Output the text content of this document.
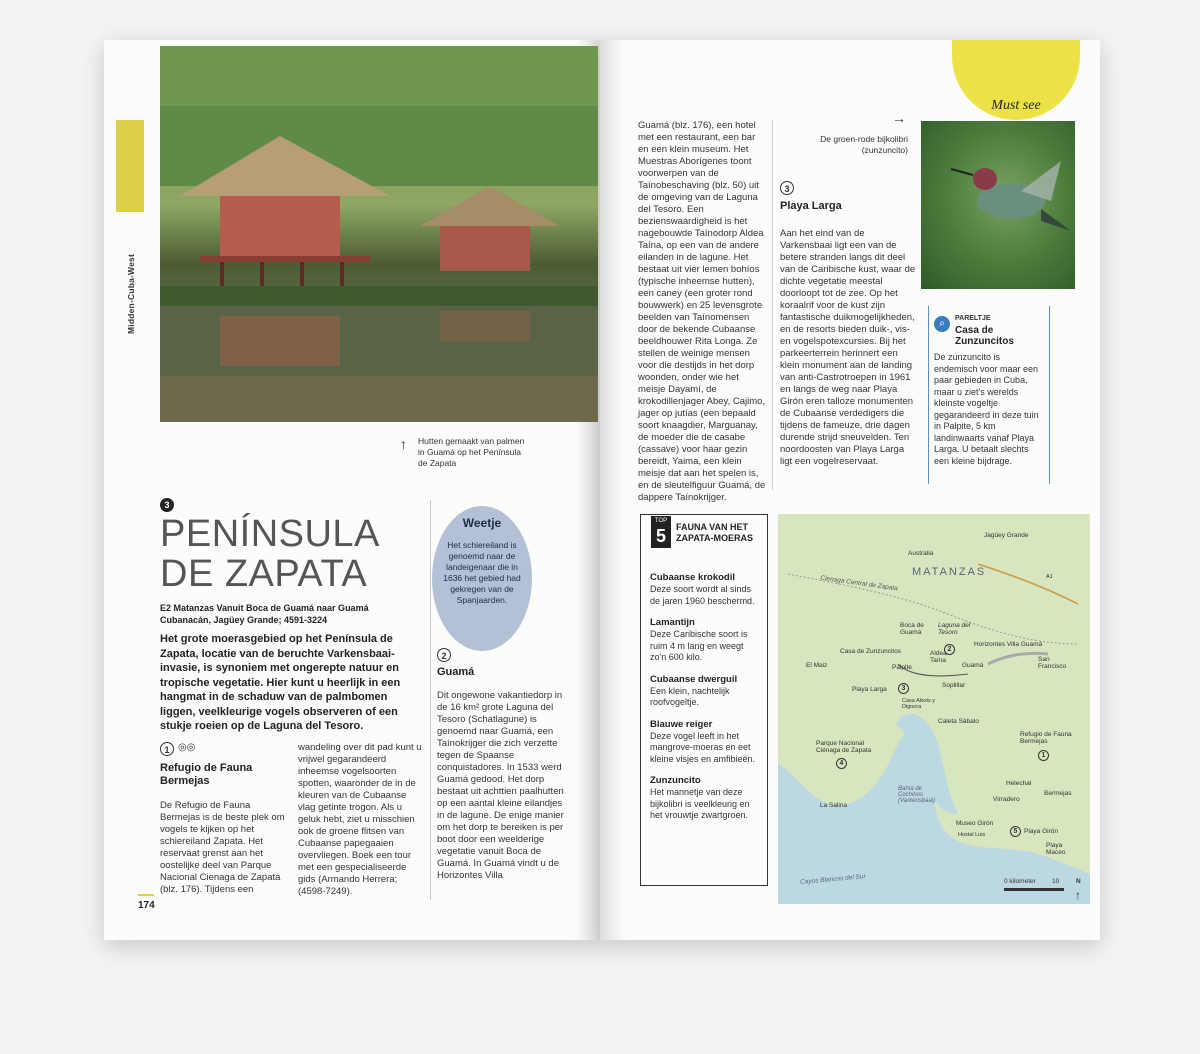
Midden-Cuba-West
↑ Hutten gemaakt van palmen in Guamá op het Península de Zapata
3
PENÍNSULA
DE ZAPATA
E2 Matanzas Vanuit Boca de Guamá naar Guamá
Cubanacán, Jagüey Grande; 4591-3224
Het grote moerasgebied op het Península de Zapata, locatie van de beruchte Varkensbaai-invasie, is synoniem met ongerepte natuur en tropische vegetatie. Hier kunt u heerlijk in een hangmat in de schaduw van de palmbomen liggen, veelkleurige vogels observeren of een stukje roeien op de Laguna del Tesoro.
1 ◎◎
Refugio de Fauna Bermejas
De Refugio de Fauna Bermejas is de beste plek om vogels te kijken op het schiereiland Zapata. Het reservaat grenst aan het oostelijke deel van Parque Nacional Cienaga de Zapata (blz. 176). Tijdens een
wandeling over dit pad kunt u vrijwel gegarandeerd inheemse vogelsoorten spotten, waaronder de in de kleuren van de Cubaanse vlag getinte trogon. Als u geluk hebt, ziet u misschien ook de groene flitsen van Cubaanse papegaaien overvliegen. Boek een tour met een gespecialiseerde gids (Armando Herrera; (4598-7249).
Weetje
Het schiereiland is genoemd naar de landeigenaar die in 1636 het gebied had gekregen van de Spanjaarden.
2
Guamá
Dit ongewone vakantiedorp in de 16 km² grote Laguna del Tesoro (Schatlagune) is genoemd naar Guamá, een Taínokrijger die zich verzette tegen de Spaanse conquistadores. In 1533 werd Guamá gedood. Het dorp bestaat uit achttien paalhutten op een aantal kleine eilandjes in de lagune. De enige manier om het dorp te bereiken is per boot door een weelderige vegetatie vanuit Boca de Guamá. In Guamá vindt u de Horizontes Villa
174
Guamá (blz. 176), een hotel met een restaurant, een bar en een klein museum. Het Muestras Aborígenes toont voorwerpen van de Taínobeschaving (blz. 50) uit de omgeving van de Laguna del Tesoro. Een bezienswaardigheid is het nagebouwde Taínodorp Aldea Taína, op een van de andere eilanden in de lagune. Het bestaat uit vier lemen bohíos (typische inheemse hutten), een caney (een groter rond bouwwerk) en 25 levensgrote beelden van Taínomensen door de bekende Cubaanse beeldhouwer Rita Longa. Ze stellen de weinige mensen voor die destijds in het dorp woonden, onder wie het meisje Dayamí, de krokodillenjager Abey, Cajimo, jager op jutías (een bepaald soort knaagdier, Marguanay, de moeder die de casabe (cassave) voor haar gezin bereidt, Yaima, een klein meisje dat aan het spelen is, en de sleutelfiguur Guamá, de dappere Taínokrijger.
→
De groen-rode bijkolibri (zunzuncito)
Must see
3
Playa Larga
Aan het eind van de Varkensbaai ligt een van de betere stranden langs dit deel van de Caribische kust, waar de dichte vegetatie meestal doorloopt tot de zee. Op het koraalrif voor de kust zijn fantastische duikmogelijkheden, en de resorts bieden duik-, vis- en vogelspotexcursies. Bij het parkeerterrein herinnert een klein monument aan de landing van anti-Castrotroepen in 1961 en langs de weg naar Playa Girón eren talloze monumenten de Cubaanse verdedigers die tijdens de fameuze, drie dagen durende strijd sneuvelden. Ten noordoosten van Playa Larga ligt een vogelreservaat.
⌕	PARELTJE
Casa de Zunzuncitos
De zunzuncito is endemisch voor maar een paar gebieden in Cuba, maar u ziet's werelds kleinste vogeltje gegarandeerd in deze tuin in Palpite, 5 km landinwaarts vanaf Playa Larga. U betaalt slechts een kleine bijdrage.
TOP
5	FAUNA VAN HET ZAPATA-MOERAS
Cubaanse krokodil
Deze soort wordt al sinds de jaren 1960 beschermd.
Lamantijn
Deze Caribische soort is ruim 4 m lang en weegt zo'n 600 kilo.
Cubaanse dwerguil
Een klein, nachtelijk roofvogeltje.
Blauwe reiger
Deze vogel leeft in het mangrove-moeras en eet kleine visjes en amfibieën.
Zunzuncito
Het mannetje van deze bijkolibri is veelkleurig en het vrouwtje zwartgroen.
Jagüey Grande
Australia
MATANZAS	A1
Cienaga Central de Zapata
Boca de Guamá
Laguna del Tesoro
Horizontes Villa Guamá
Aldea Taína
Guamá
Casa de Zunzuncitos
El Maiz	Palpite
San Francisco
Playa Larga
Soplillar
Casa Alexis y Dignora
Caleta Sábalo
Refugio de Fauna Bermejas
Parque Nacional Ciénaga de Zapata
Helechal
Virradero
Bermejas
La Salina
Museo Girón
Hostal Luis	Playa Girón
Playa Maceo
Bahía de Cochinos (Varkensbaai)
Cayos Blancos del Sur	0 kilometer 10	N
↑
3
4
1
5
2
